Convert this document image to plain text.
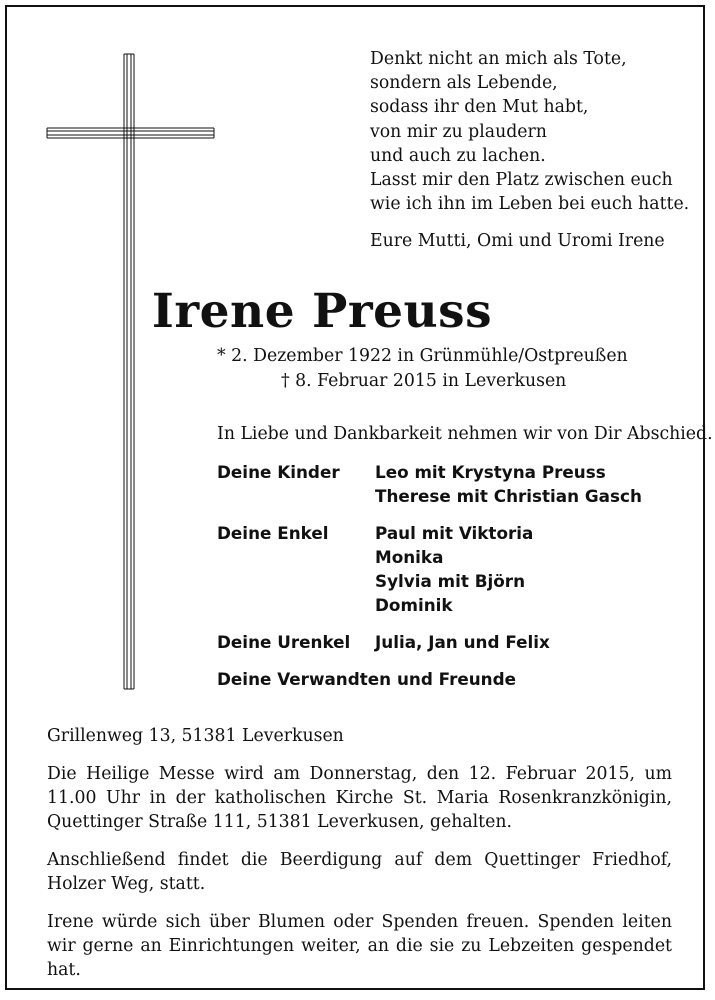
Denkt nicht an mich als Tote,
sondern als Lebende,
sodass ihr den Mut habt,
von mir zu plaudern
und auch zu lachen.
Lasst mir den Platz zwischen euch
wie ich ihn im Leben bei euch hatte.
Eure Mutti, Omi und Uromi Irene
Irene Preuss
* 2. Dezember 1922 in Grünmühle/Ostpreußen
† 8. Februar 2015 in Leverkusen
In Liebe und Dankbarkeit nehmen wir von Dir Abschied.
Deine Kinder	Leo mit Krystyna Preuss
Therese mit Christian Gasch
Deine Enkel	Paul mit Viktoria
Monika
Sylvia mit Björn
Dominik
Deine Urenkel	Julia, Jan und Felix
Deine Verwandten und Freunde

Grillenweg 13, 51381 Leverkusen

Die Heilige Messe wird am Donnerstag, den 12. Februar 2015, um 11.00 Uhr in der katholischen Kirche St. Maria Rosenkranzkönigin, Quettinger Straße 111, 51381 Leverkusen, gehalten.

Anschließend findet die Beerdigung auf dem Quettinger Friedhof, Holzer Weg, statt.

Irene würde sich über Blumen oder Spenden freuen. Spenden leiten wir gerne an Einrichtungen weiter, an die sie zu Lebzeiten gespendet hat.
